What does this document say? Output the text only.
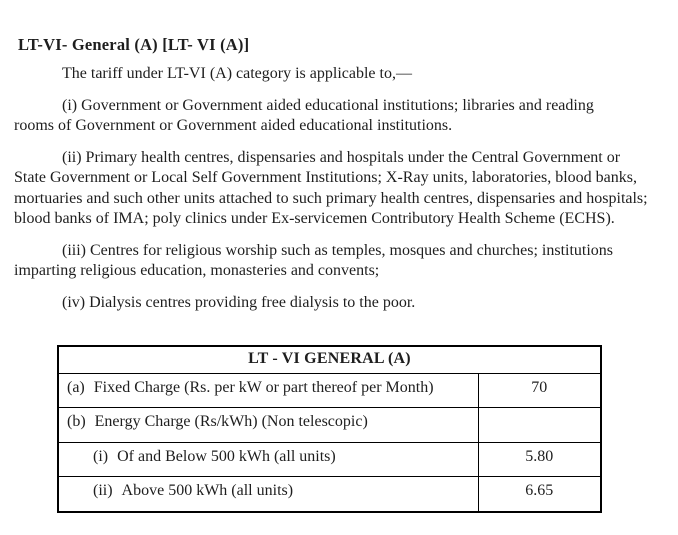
LT-VI- General (A) [LT- VI (A)]

The tariff under LT-VI (A) category is applicable to,—

(i) Government or Government aided educational institutions; libraries and reading rooms of Government or Government aided educational institutions.

(ii) Primary health centres, dispensaries and hospitals under the Central Government or State Government or Local Self Government Institutions; X-Ray units, laboratories, blood banks, mortuaries and such other units attached to such primary health centres, dispensaries and hospitals; blood banks of IMA; poly clinics under Ex-servicemen Contributory Health Scheme (ECHS).

(iii) Centres for religious worship such as temples, mosques and churches; institutions imparting religious education, monasteries and convents;

(iv) Dialysis centres providing free dialysis to the poor.

LT - VI GENERAL (A)	
(a) Fixed Charge (Rs. per kW or part thereof per Month)	70
(b) Energy Charge (Rs/kWh) (Non telescopic)	
(i) Of and Below 500 kWh (all units)	5.80
(ii) Above 500 kWh (all units)	6.65
